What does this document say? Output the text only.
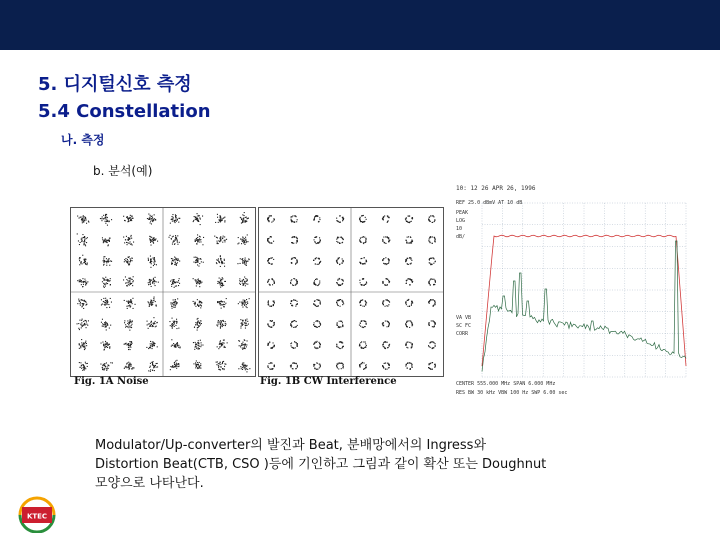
5. 디지털신호 측정
5.4 Constellation
나. 측정
b. 분석(예)
Fig. 1A Noise	Fig. 1B CW Interference
10: 12 26 APR 26, 1996
REF 25.0 dBmV AT 10 dB
PEAK
LOG
10
dB/
VA VB
SC FC
CORR
CENTER 555.000 MHz SPAN 6.000 MHz
RES BW 30 kHz VBW 100 Hz SWP 6.00 sec
Modulator/Up-converter의 발진과 Beat, 분배망에서의 Ingress와
Distortion Beat(CTB, CSO )등에 기인하고 그림과 같이 확산 또는 Doughnut
모양으로 나타난다.
KTEC
